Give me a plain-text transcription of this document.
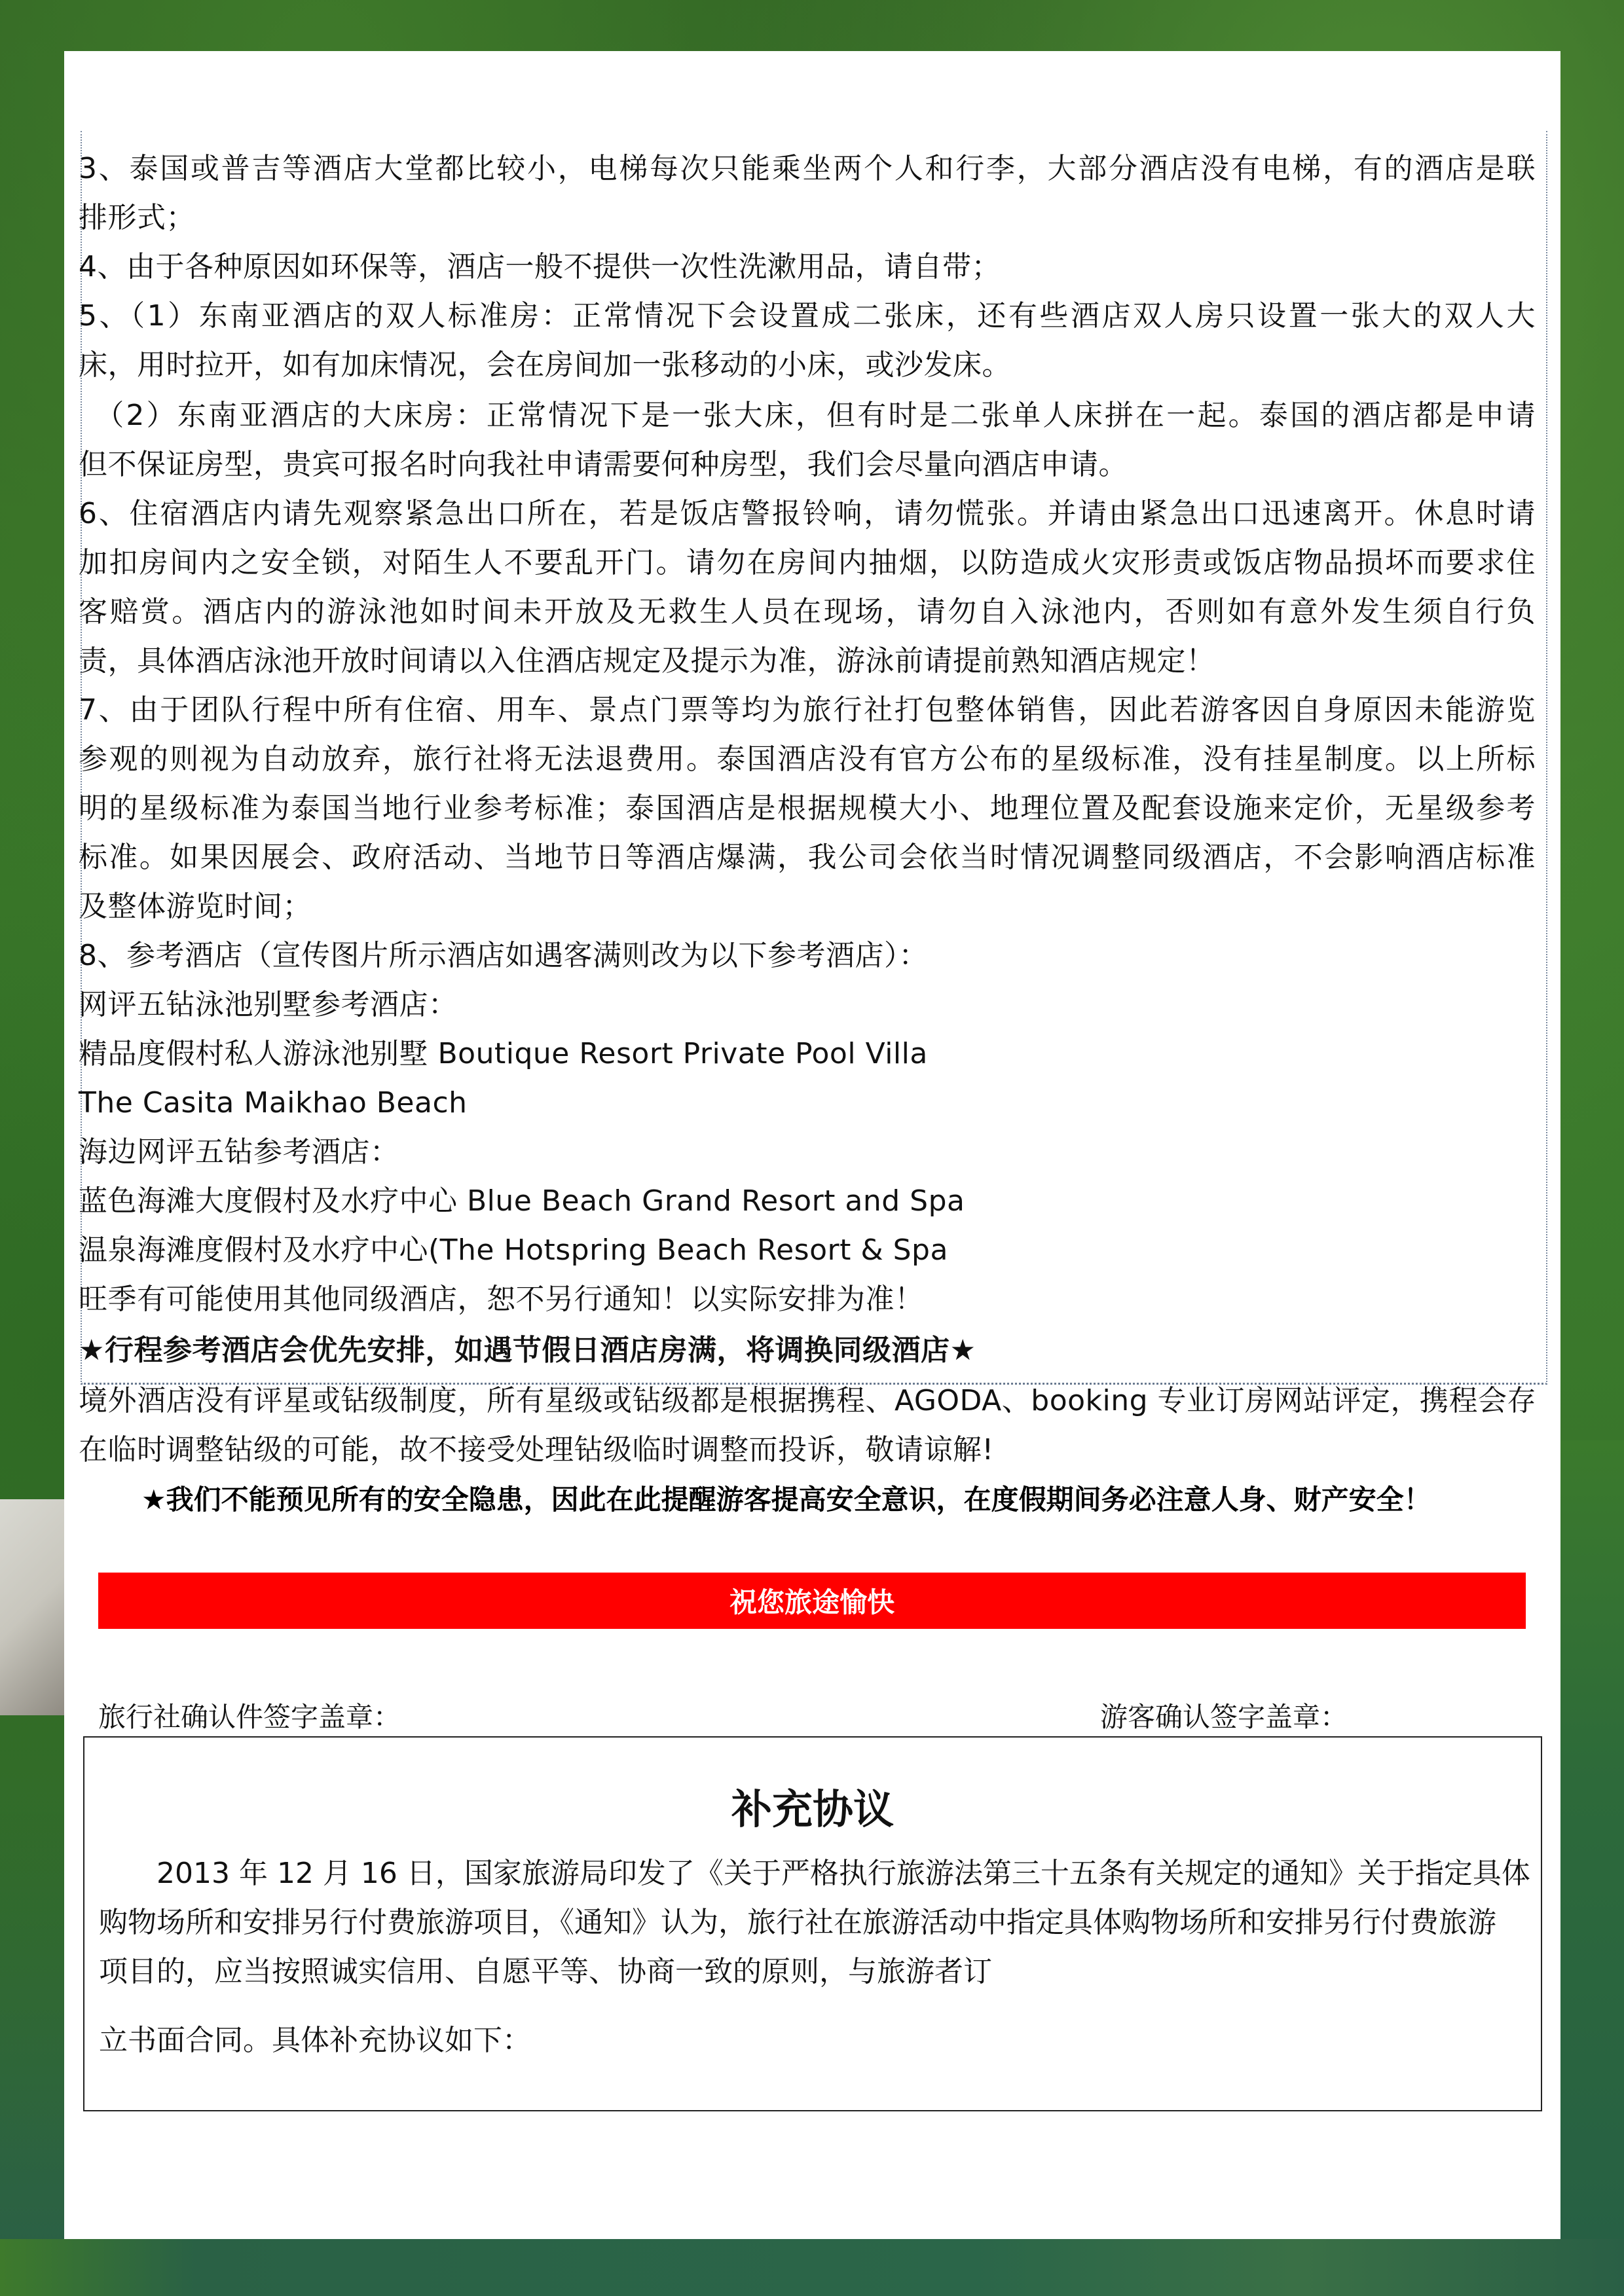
3、泰国或普吉等酒店大堂都比较小，电梯每次只能乘坐两个人和行李，大部分酒店没有电梯，有的酒店是联
排形式；
4、由于各种原因如环保等，酒店一般不提供一次性洗漱用品，请自带；
5、（1）东南亚酒店的双人标准房：正常情况下会设置成二张床，还有些酒店双人房只设置一张大的双人大
床，用时拉开，如有加床情况，会在房间加一张移动的小床，或沙发床。
　（2）东南亚酒店的大床房：正常情况下是一张大床，但有时是二张单人床拼在一起。泰国的酒店都是申请
但不保证房型，贵宾可报名时向我社申请需要何种房型，我们会尽量向酒店申请。
6、住宿酒店内请先观察紧急出口所在，若是饭店警报铃响，请勿慌张。并请由紧急出口迅速离开。休息时请
加扣房间内之安全锁，对陌生人不要乱开门。请勿在房间内抽烟，以防造成火灾形责或饭店物品损坏而要求住
客赔赏。酒店内的游泳池如时间未开放及无救生人员在现场，请勿自入泳池内，否则如有意外发生须自行负
责，具体酒店泳池开放时间请以入住酒店规定及提示为准，游泳前请提前熟知酒店规定！
7、由于团队行程中所有住宿、用车、景点门票等均为旅行社打包整体销售，因此若游客因自身原因未能游览
参观的则视为自动放弃，旅行社将无法退费用。泰国酒店没有官方公布的星级标准，没有挂星制度。以上所标
明的星级标准为泰国当地行业参考标准；泰国酒店是根据规模大小、地理位置及配套设施来定价，无星级参考
标准。如果因展会、政府活动、当地节日等酒店爆满，我公司会依当时情况调整同级酒店，不会影响酒店标准
及整体游览时间；
8、参考酒店（宣传图片所示酒店如遇客满则改为以下参考酒店）：
网评五钻泳池别墅参考酒店：
精品度假村私人游泳池别墅 Boutique Resort Private Pool Villa
The Casita Maikhao Beach
海边网评五钻参考酒店：
蓝色海滩大度假村及水疗中心 Blue Beach Grand Resort and Spa
温泉海滩度假村及水疗中心(The Hotspring Beach Resort & Spa
旺季有可能使用其他同级酒店，恕不另行通知！以实际安排为准！
★行程参考酒店会优先安排，如遇节假日酒店房满，将调换同级酒店★
境外酒店没有评星或钻级制度，所有星级或钻级都是根据携程、AGODA、booking 专业订房网站评定，携程会存
在临时调整钻级的可能，故不接受处理钻级临时调整而投诉，敬请谅解!
★我们不能预见所有的安全隐患，因此在此提醒游客提高安全意识，在度假期间务必注意人身、财产安全！
祝您旅途愉快
旅行社确认件签字盖章：	游客确认签字盖章：
补充协议
　　2013 年 12 月 16 日，国家旅游局印发了《关于严格执行旅游法第三十五条有关规定的通知》关于指定具体
购物场所和安排另行付费旅游项目，《通知》认为，旅行社在旅游活动中指定具体购物场所和安排另行付费旅游
项目的，应当按照诚实信用、自愿平等、协商一致的原则，与旅游者订
立书面合同。具体补充协议如下：
